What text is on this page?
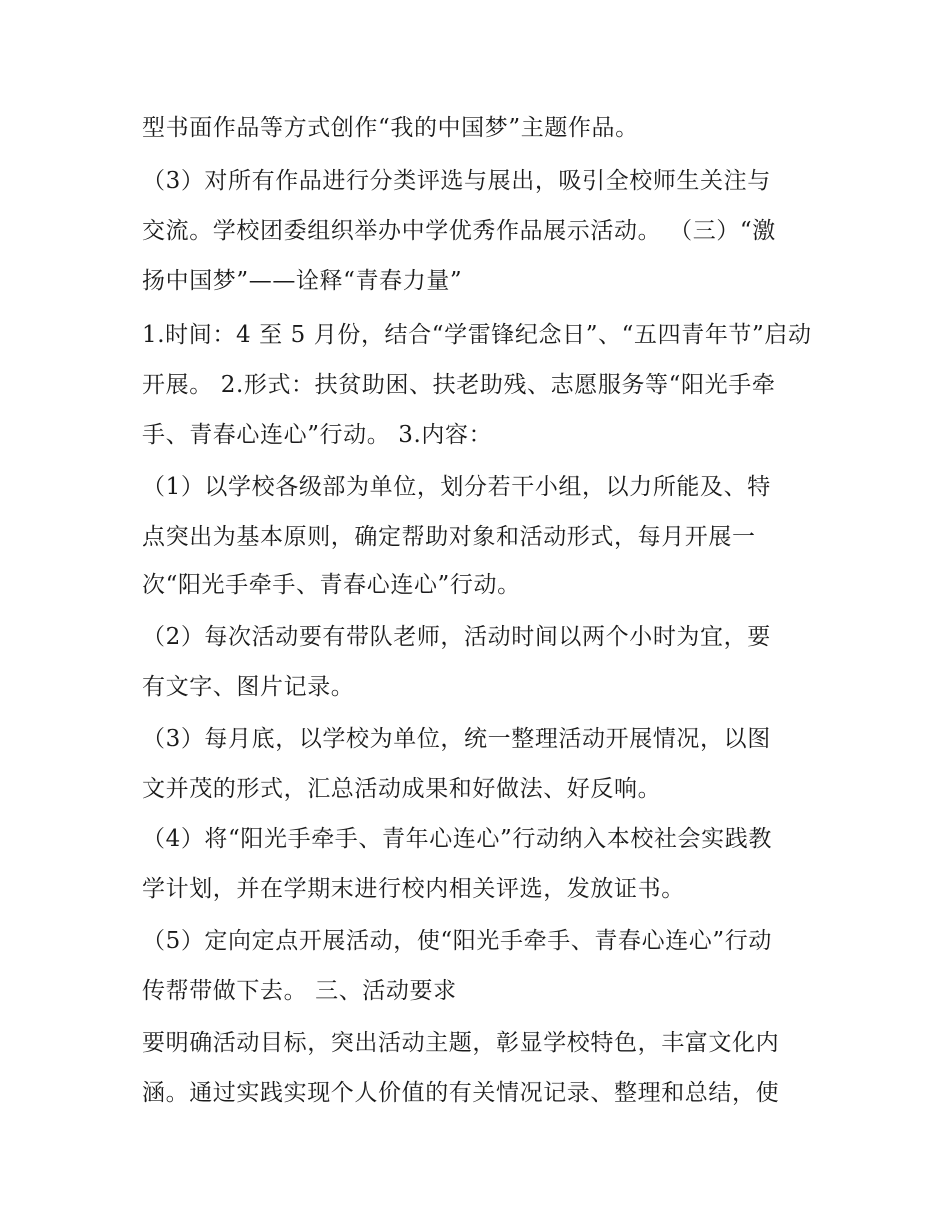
型书面作品等方式创作“我的中国梦”主题作品。
（3）对所有作品进行分类评选与展出，吸引全校师生关注与
交流。学校团委组织举办中学优秀作品展示活动。 （三）“激
扬中国梦”——诠释“青春力量”
1.时间：4 至 5 月份，结合“学雷锋纪念日”、“五四青年节”启动
开展。 2.形式：扶贫助困、扶老助残、志愿服务等“阳光手牵
手、青春心连心”行动。 3.内容：
（1）以学校各级部为单位，划分若干小组，以力所能及、特
点突出为基本原则，确定帮助对象和活动形式，每月开展一
次“阳光手牵手、青春心连心”行动。
（2）每次活动要有带队老师，活动时间以两个小时为宜，要
有文字、图片记录。
（3）每月底，以学校为单位，统一整理活动开展情况，以图
文并茂的形式，汇总活动成果和好做法、好反响。
（4）将“阳光手牵手、青年心连心”行动纳入本校社会实践教
学计划，并在学期末进行校内相关评选，发放证书。
（5）定向定点开展活动，使“阳光手牵手、青春心连心”行动
传帮带做下去。 三、活动要求
要明确活动目标，突出活动主题，彰显学校特色，丰富文化内
涵。通过实践实现个人价值的有关情况记录、整理和总结，使
